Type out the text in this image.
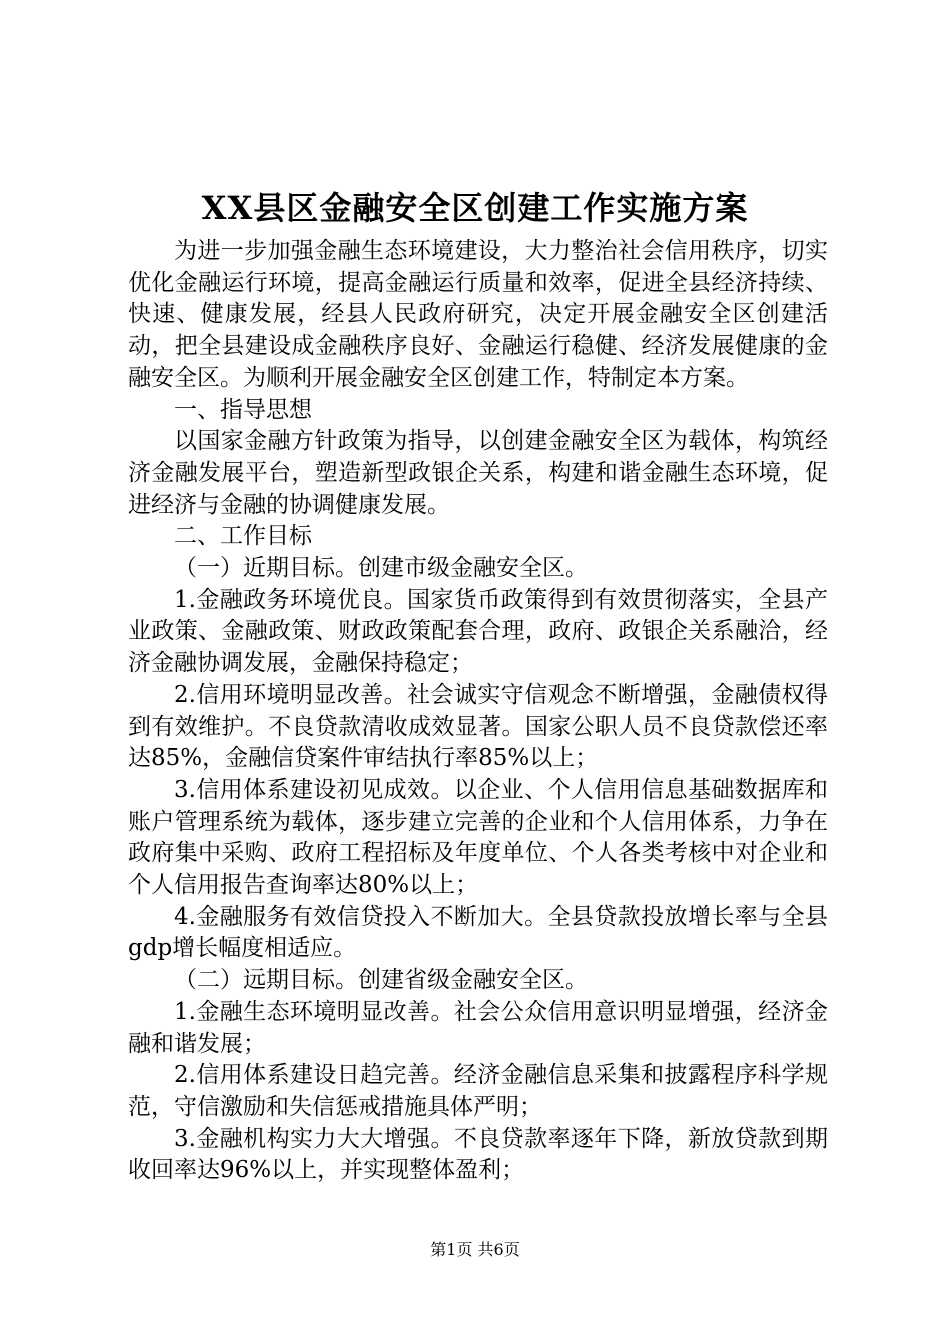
XX县区金融安全区创建工作实施方案

为进一步加强金融生态环境建设，大力整治社会信用秩序，切实优化金融运行环境，提高金融运行质量和效率，促进全县经济持续、快速、健康发展，经县人民政府研究，决定开展金融安全区创建活动，把全县建设成金融秩序良好、金融运行稳健、经济发展健康的金融安全区。为顺利开展金融安全区创建工作，特制定本方案。

一、指导思想

以国家金融方针政策为指导，以创建金融安全区为载体，构筑经济金融发展平台，塑造新型政银企关系，构建和谐金融生态环境，促进经济与金融的协调健康发展。

二、工作目标

（一）近期目标。创建市级金融安全区。

1.金融政务环境优良。国家货币政策得到有效贯彻落实，全县产业政策、金融政策、财政政策配套合理，政府、政银企关系融洽，经济金融协调发展，金融保持稳定；

2.信用环境明显改善。社会诚实守信观念不断增强，金融债权得到有效维护。不良贷款清收成效显著。国家公职人员不良贷款偿还率达85%，金融信贷案件审结执行率85%以上；

3.信用体系建设初见成效。以企业、个人信用信息基础数据库和账户管理系统为载体，逐步建立完善的企业和个人信用体系，力争在政府集中采购、政府工程招标及年度单位、个人各类考核中对企业和个人信用报告查询率达80%以上；

4.金融服务有效信贷投入不断加大。全县贷款投放增长率与全县gdp增长幅度相适应。

（二）远期目标。创建省级金融安全区。

1.金融生态环境明显改善。社会公众信用意识明显增强，经济金融和谐发展；

2.信用体系建设日趋完善。经济金融信息采集和披露程序科学规范，守信激励和失信惩戒措施具体严明；

3.金融机构实力大大增强。不良贷款率逐年下降，新放贷款到期收回率达96%以上，并实现整体盈利；

第1页 共6页
